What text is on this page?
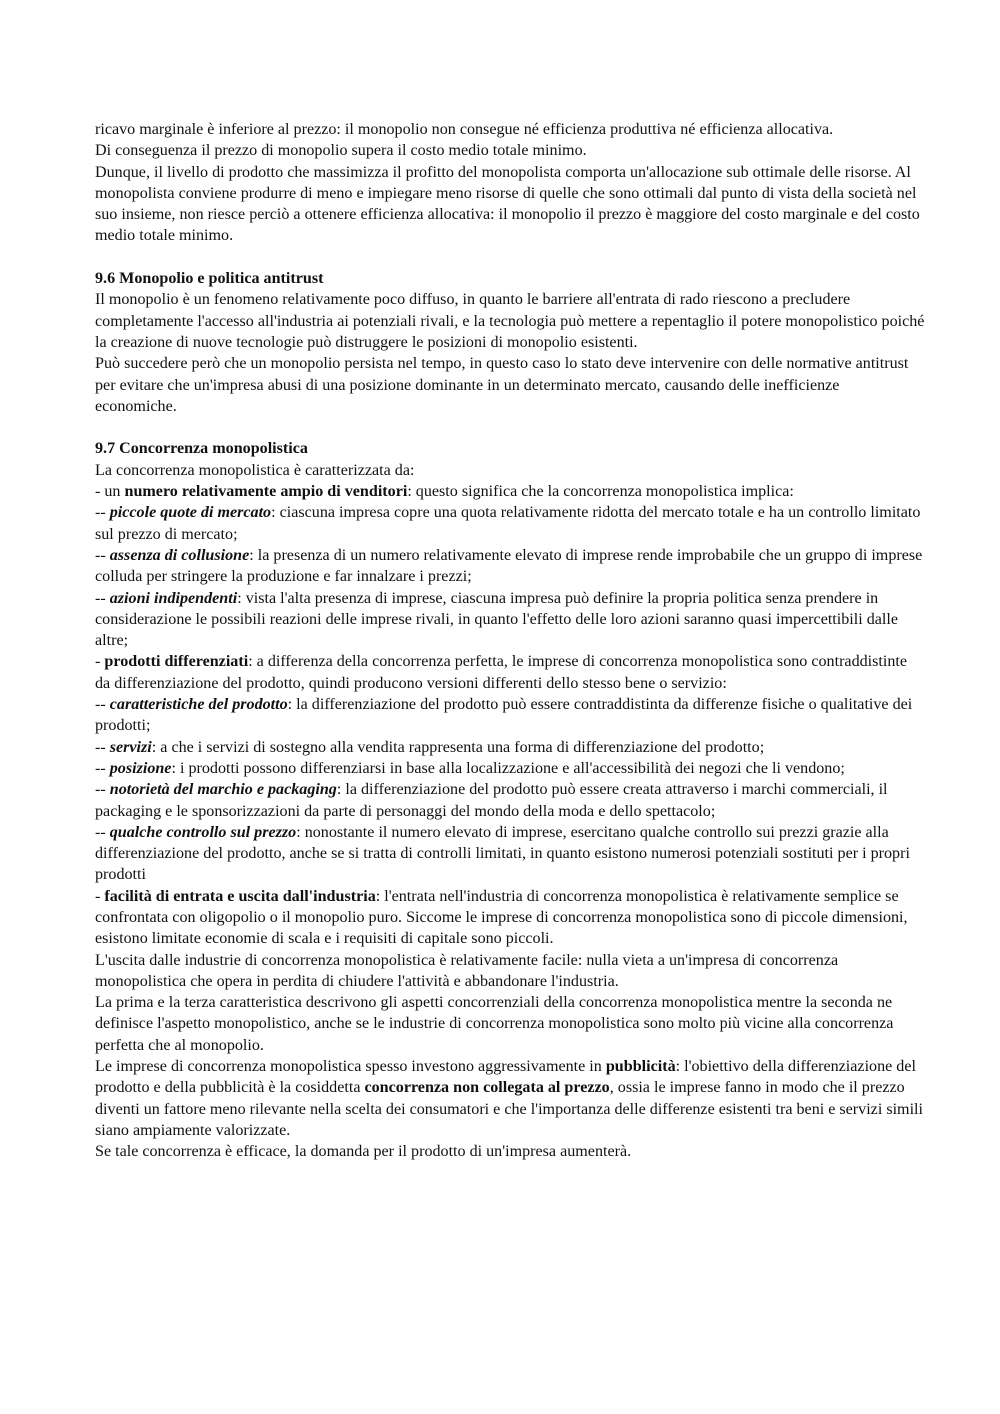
ricavo marginale è inferiore al prezzo: il monopolio non consegue né efficienza produttiva né efficienza allocativa.

Di conseguenza il prezzo di monopolio supera il costo medio totale minimo.

Dunque, il livello di prodotto che massimizza il profitto del monopolista comporta un'allocazione sub ottimale delle risorse. Al monopolista conviene produrre di meno e impiegare meno risorse di quelle che sono ottimali dal punto di vista della società nel suo insieme, non riesce perciò a ottenere efficienza allocativa: il monopolio il prezzo è maggiore del costo marginale e del costo medio totale minimo.

9.6 Monopolio e politica antitrust

Il monopolio è un fenomeno relativamente poco diffuso, in quanto le barriere all'entrata di rado riescono a precludere completamente l'accesso all'industria ai potenziali rivali, e la tecnologia può mettere a repentaglio il potere monopolistico poiché la creazione di nuove tecnologie può distruggere le posizioni di monopolio esistenti.

Può succedere però che un monopolio persista nel tempo, in questo caso lo stato deve intervenire con delle normative antitrust per evitare che un'impresa abusi di una posizione dominante in un determinato mercato, causando delle inefficienze economiche.

9.7 Concorrenza monopolistica

La concorrenza monopolistica è caratterizzata da:

- un numero relativamente ampio di venditori: questo significa che la concorrenza monopolistica implica:

-- piccole quote di mercato: ciascuna impresa copre una quota relativamente ridotta del mercato totale e ha un controllo limitato sul prezzo di mercato;

-- assenza di collusione: la presenza di un numero relativamente elevato di imprese rende improbabile che un gruppo di imprese colluda per stringere la produzione e far innalzare i prezzi;

-- azioni indipendenti: vista l'alta presenza di imprese, ciascuna impresa può definire la propria politica senza prendere in considerazione le possibili reazioni delle imprese rivali, in quanto l'effetto delle loro azioni saranno quasi impercettibili dalle altre;

- prodotti differenziati: a differenza della concorrenza perfetta, le imprese di concorrenza monopolistica sono contraddistinte da differenziazione del prodotto, quindi producono versioni differenti dello stesso bene o servizio:

-- caratteristiche del prodotto: la differenziazione del prodotto può essere contraddistinta da differenze fisiche o qualitative dei prodotti;

-- servizi: a che i servizi di sostegno alla vendita rappresenta una forma di differenziazione del prodotto;

-- posizione: i prodotti possono differenziarsi in base alla localizzazione e all'accessibilità dei negozi che li vendono;

-- notorietà del marchio e packaging: la differenziazione del prodotto può essere creata attraverso i marchi commerciali, il packaging e le sponsorizzazioni da parte di personaggi del mondo della moda e dello spettacolo;

-- qualche controllo sul prezzo: nonostante il numero elevato di imprese, esercitano qualche controllo sui prezzi grazie alla differenziazione del prodotto, anche se si tratta di controlli limitati, in quanto esistono numerosi potenziali sostituti per i propri prodotti

- facilità di entrata e uscita dall'industria: l'entrata nell'industria di concorrenza monopolistica è relativamente semplice se confrontata con oligopolio o il monopolio puro. Siccome le imprese di concorrenza monopolistica sono di piccole dimensioni, esistono limitate economie di scala e i requisiti di capitale sono piccoli.

L'uscita dalle industrie di concorrenza monopolistica è relativamente facile: nulla vieta a un'impresa di concorrenza monopolistica che opera in perdita di chiudere l'attività e abbandonare l'industria.

La prima e la terza caratteristica descrivono gli aspetti concorrenziali della concorrenza monopolistica mentre la seconda ne definisce l'aspetto monopolistico, anche se le industrie di concorrenza monopolistica sono molto più vicine alla concorrenza perfetta che al monopolio.

Le imprese di concorrenza monopolistica spesso investono aggressivamente in pubblicità: l'obiettivo della differenziazione del prodotto e della pubblicità è la cosiddetta concorrenza non collegata al prezzo, ossia le imprese fanno in modo che il prezzo diventi un fattore meno rilevante nella scelta dei consumatori e che l'importanza delle differenze esistenti tra beni e servizi simili siano ampiamente valorizzate.

Se tale concorrenza è efficace, la domanda per il prodotto di un'impresa aumenterà.
